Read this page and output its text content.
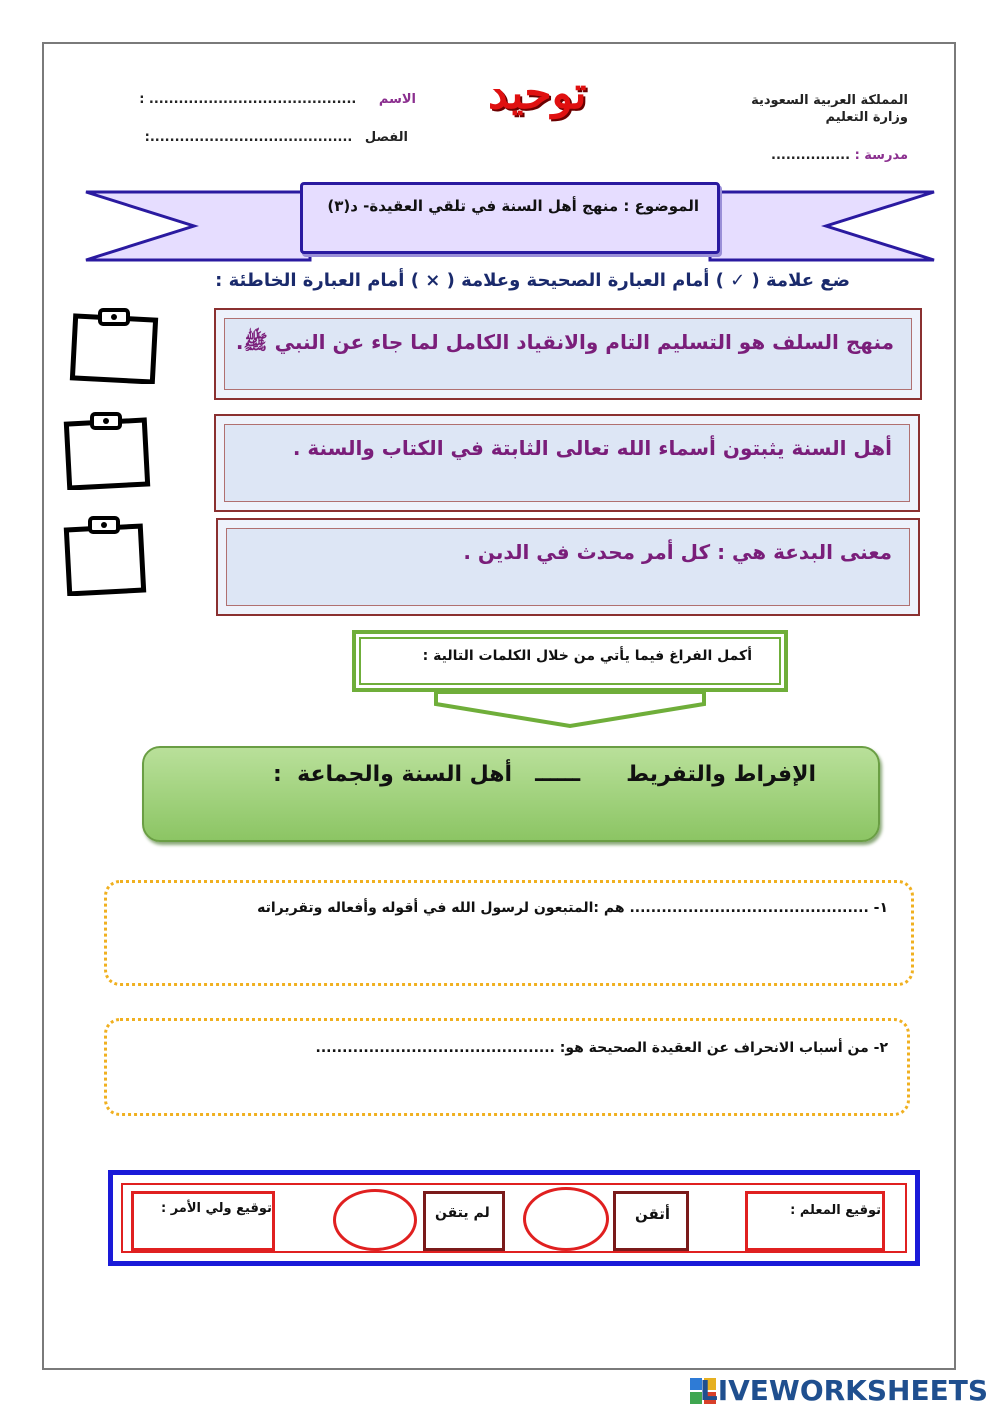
المملكة العربية السعودية
وزارة التعليم
مدرسة : ................
توحيد
الاسم .......................................... :
الفصل .........................................:
الموضوع : منهج أهل السنة في تلقي العقيدة- د(٣)
ضع علامة ( ✓ ) أمام العبارة الصحيحة وعلامة ( × ) أمام العبارة الخاطئة :
منهج السلف هو التسليم التام والانقياد الكامل لما جاء عن النبي ﷺ.
أهل السنة يثبتون أسماء الله تعالى الثابتة في الكتاب والسنة .
معنى البدعة هي : كل أمر محدث في الدين .
أكمل الفراغ فيما يأتي من خلال الكلمات التالية :
الإفراط والتفريط      ــــــ   أهل السنة والجماعة  :
١- ............................................. هم :المتبعون لرسول الله في أقوله وأفعاله وتقريراته
٢- من أسباب الانحراف عن العقيدة الصحيحة هو: .............................................
توقيع المعلم :
أتقن
لم يتقن
توقيع ولي الأمر :
LIVEWORKSHEETS
